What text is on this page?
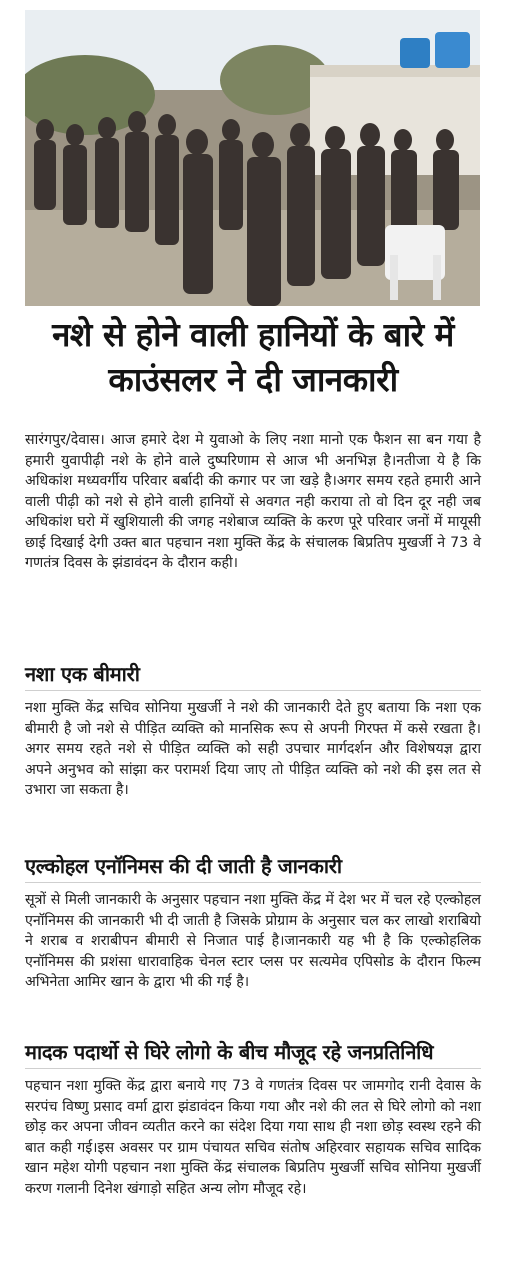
नशे से होने वाली हानियों के बारे में काउंसलर ने दी जानकारी
सारंगपुर/देवास। आज हमारे देश मे युवाओ के लिए नशा मानो एक फैशन सा बन गया है हमारी युवापीढ़ी नशे के होने वाले दुष्परिणाम से आज भी अनभिज्ञ है।नतीजा ये है कि अधिकांश मध्यवर्गीय परिवार बर्बादी की कगार पर जा खड़े है।अगर समय रहते हमारी आने वाली पीढ़ी को नशे से होने वाली हानियों से अवगत नही कराया तो वो दिन दूर नही जब अधिकांश घरो में खुशियाली की जगह नशेबाज व्यक्ति के करण पूरे परिवार जनों में मायूसी छाई दिखाई देगी उक्त बात पहचान नशा मुक्ति केंद्र के संचालक बिप्रतिप मुखर्जी ने 73 वे गणतंत्र दिवस के झंडावंदन के दौरान कही।
नशा एक बीमारी
नशा मुक्ति केंद्र सचिव सोनिया मुखर्जी ने नशे की जानकारी देते हुए बताया कि नशा एक बीमारी है जो नशे से पीड़ित व्यक्ति को मानसिक रूप से अपनी गिरफ्त में कसे रखता है।अगर समय रहते नशे से पीड़ित व्यक्ति को सही उपचार मार्गदर्शन और विशेषयज्ञ द्वारा अपने अनुभव को सांझा कर परामर्श दिया जाए तो पीड़ित व्यक्ति को नशे की इस लत से उभारा जा सकता है।
एल्कोहल एनॉनिमस की दी जाती है जानकारी
सूत्रों से मिली जानकारी के अनुसार पहचान नशा मुक्ति केंद्र में देश भर में चल रहे एल्कोहल एनॉनिमस की जानकारी भी दी जाती है जिसके प्रोग्राम के अनुसार चल कर लाखो शराबियो ने शराब व शराबीपन बीमारी से निजात पाई है।जानकारी यह भी है कि एल्कोहलिक एनॉनिमस की प्रशंसा धारावाहिक चेनल स्टार प्लस पर सत्यमेव एपिसोड के दौरान फिल्म अभिनेता आमिर खान के द्वारा भी की गई है।
मादक पदार्थो से घिरे लोगो के बीच मौजूद रहे जनप्रतिनिधि
पहचान नशा मुक्ति केंद्र द्वारा बनाये गए 73 वे गणतंत्र दिवस पर जामगोद रानी देवास के सरपंच विष्णु प्रसाद वर्मा द्वारा झंडावंदन किया गया और नशे की लत से घिरे लोगो को नशा छोड़ कर अपना जीवन व्यतीत करने का संदेश दिया गया साथ ही नशा छोड़ स्वस्थ रहने की बात कही गई।इस अवसर पर ग्राम पंचायत सचिव संतोष अहिरवार सहायक सचिव सादिक खान महेश योगी पहचान नशा मुक्ति केंद्र संचालक बिप्रतिप मुखर्जी सचिव सोनिया मुखर्जी करण गलानी दिनेश खंगाड़ो सहित अन्य लोग मौजूद रहे।
